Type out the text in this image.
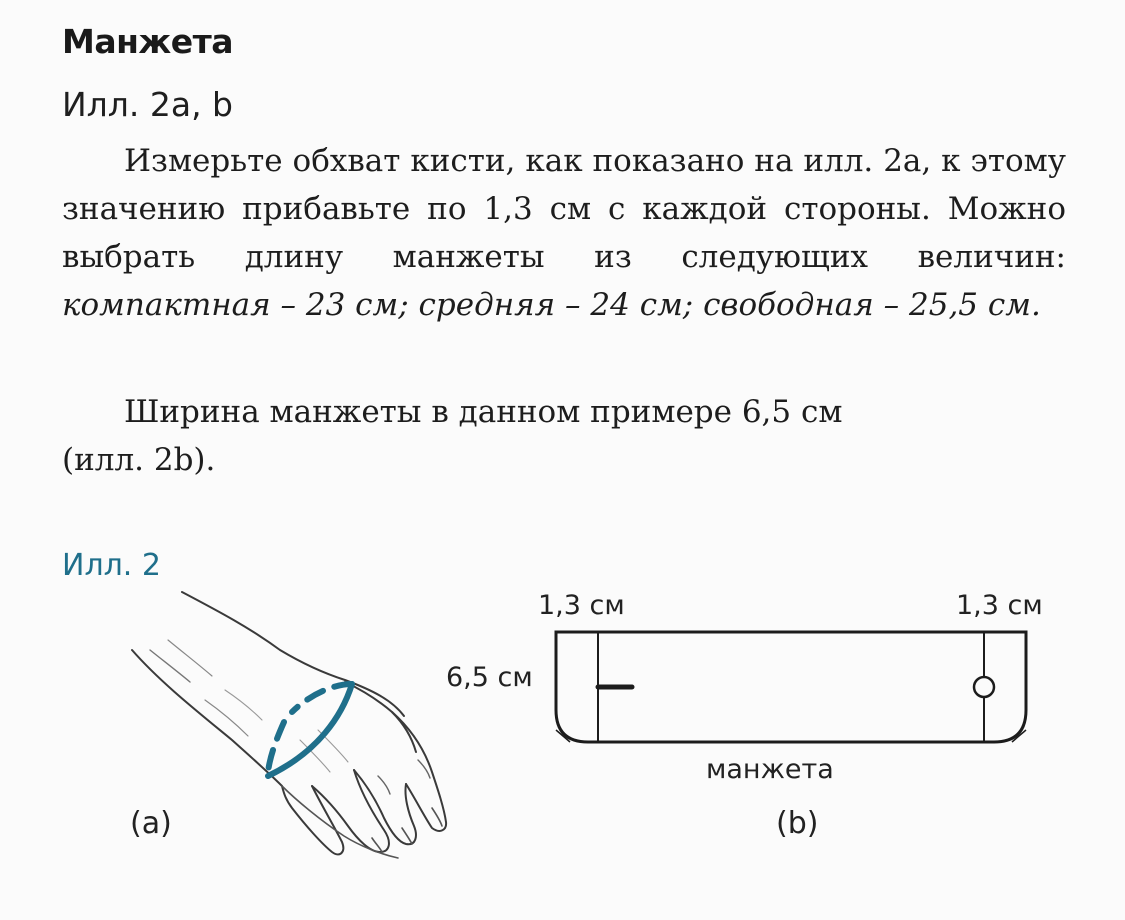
Манжета
Илл. 2а, b

Измерьте обхват кисти, как показано на илл. 2а, к этому значению прибавьте по 1,3 см с каждой стороны. Можно выбрать длину манжеты из следующих величин: компактная – 23 см; средняя – 24 см; свободная – 25,5 см.

Ширина манжеты в данном примере 6,5 см
(илл. 2b).

Илл. 2
1,3 см	1,3 см
6,5 см
манжета
(a)	(b)
